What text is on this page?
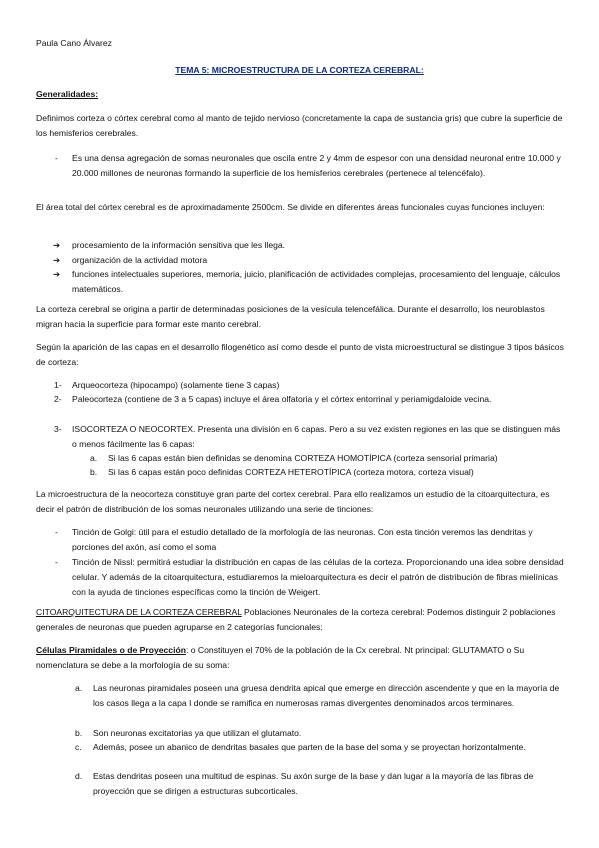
Paula Cano Álvarez

TEMA 5: MICROESTRUCTURA DE LA CORTEZA CEREBRAL:

Generalidades:

Definimos corteza o córtex cerebral como al manto de tejido nervioso (concretamente la capa de sustancia gris) que cubre la superficie de los hemisferios cerebrales.

- Es una densa agregación de somas neuronales que oscila entre 2 y 4mm de espesor con una densidad neuronal entre 10.000 y 20.000 millones de neuronas formando la superficie de los hemisferios cerebrales (pertenece al telencéfalo).

El área total del córtex cerebral es de aproximadamente 2500cm. Se divide en diferentes áreas funcionales cuyas funciones incluyen:

➔ procesamiento de la información sensitiva que les llega.

➔ organización de la actividad motora

➔ funciones intelectuales superiores, memoria, juicio, planificación de actividades complejas, procesamiento del lenguaje, cálculos matemáticos.

La corteza cerebral se origina a partir de determinadas posiciones de la vesícula telencefálica. Durante el desarrollo, los neuroblastos migran hacia la superficie para formar este manto cerebral.

Según la aparición de las capas en el desarrollo filogenético así como desde el punto de vista microestructural se distingue 3 tipos básicos de corteza:

1- Arqueocorteza (hipocampo) (solamente tiene 3 capas)

2- Paleocorteza (contiene de 3 a 5 capas) incluye el área olfatoria y el córtex entorrinal y periamigdaloide vecina.

3- ISOCORTEZA O NEOCORTEX. Presenta una división en 6 capas. Pero a su vez existen regiones en las que se distinguen más o menos fácilmente las 6 capas:

a. Si las 6 capas están bien definidas se denomina CORTEZA HOMOTÍPICA (corteza sensorial primaria)

b. Si las 6 capas están poco definidas CORTEZA HETEROTÍPICA (corteza motora, corteza visual)

La microestructura de la neocorteza constituye gran parte del cortex cerebral. Para ello realizamos un estudio de la citoarquitectura, es decir el patrón de distribución de los somas neuronales utilizando una serie de tinciones:

- Tinción de Golgi: útil para el estudio detallado de la morfología de las neuronas. Con esta tinción veremos las dendritas y porciones del axón, así como el soma

- Tinción de Nissl: permitirá estudiar la distribución en capas de las células de la corteza. Proporcionando una idea sobre densidad celular. Y además de la citoarquitectura, estudiaremos la mieloarquitectura es decir el patrón de distribución de fibras mielínicas con la ayuda de tinciones específicas como la tinción de Weigert.

CITOARQUITECTURA DE LA CORTEZA CEREBRAL Poblaciones Neuronales de la corteza cerebral: Podemos distinguir 2 poblaciones generales de neuronas que pueden agruparse en 2 categorías funcionales:

Células Piramidales o de Proyección: o Constituyen el 70% de la población de la Cx cerebral. Nt principal: GLUTAMATO o Su nomenclatura se debe a la morfología de su soma:

a. Las neuronas piramidales poseen una gruesa dendrita apical que emerge en dirección ascendente y que en la mayoría de los casos llega a la capa I donde se ramifica en numerosas ramas divergentes denominados arcos terminares.

b. Son neuronas excitatorias ya que utilizan el glutamato.

c. Además, posee un abanico de dendritas basales que parten de la base del soma y se proyectan horizontalmente.

d. Estas dendritas poseen una multitud de espinas. Su axón surge de la base y dan lugar a la mayoría de las fibras de proyección que se dirigen a estructuras subcorticales.
